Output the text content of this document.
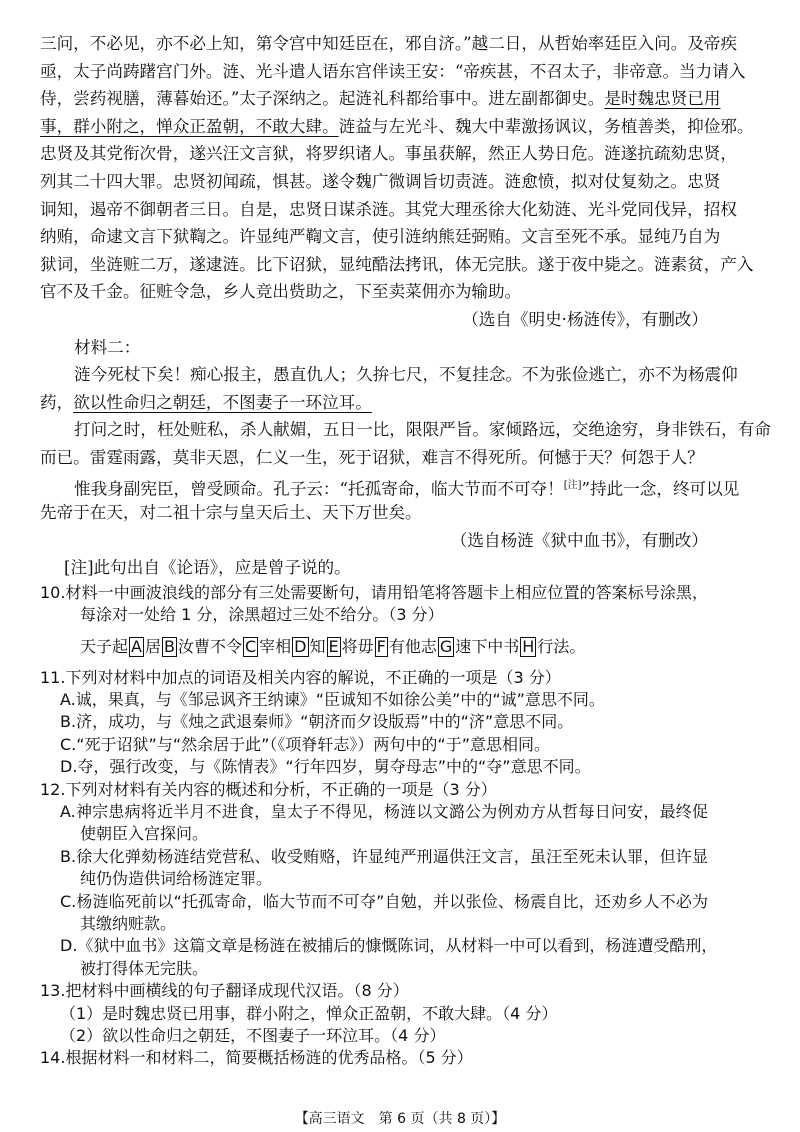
三问，不必见，亦不必上知，第令宫中知廷臣在，邪自济。”越二日，从哲始率廷臣入问。及帝疾
亟，太子尚踌躇宫门外。涟、光斗遣人语东宫伴读王安：“帝疾甚，不召太子，非帝意。当力请入
侍，尝药视膳，薄暮始还。”太子深纳之。起涟礼科都给事中。进左副都御史。是时魏忠贤已用
事，群小附之，惮众正盈朝，不敢大肆。涟益与左光斗、魏大中辈激扬讽议，务植善类，抑俭邪。
忠贤及其党衔次骨，遂兴汪文言狱，将罗织诸人。事虽获解，然正人势日危。涟遂抗疏劾忠贤，
列其二十四大罪。忠贤初闻疏，惧甚。遂令魏广微调旨切责涟。涟愈愤，拟对仗复劾之。忠贤
诇知，遏帝不御朝者三日。自是，忠贤日谋杀涟。其党大理丞徐大化劾涟、光斗党同伐异，招权
纳贿，命逮文言下狱鞫之。许显纯严鞫文言，使引涟纳熊廷弼贿。文言至死不承。显纯乃自为
狱词，坐涟赃二万，遂逮涟。比下诏狱，显纯酷法拷讯，体无完肤。遂于夜中毙之。涟素贫，产入
官不及千金。征赃令急，乡人竞出赀助之，下至卖菜佣亦为输助。
（选自《明史·杨涟传》，有删改）
材料二：
涟今死杖下矣！痴心报主，愚直仇人；久拚七尺，不复挂念。不为张俭逃亡，亦不为杨震仰
药，欲以性命归之朝廷，不图妻子一环泣耳。
打问之时，枉处赃私，杀人献媚，五日一比，限限严旨。家倾路远，交绝途穷，身非铁石，有命
而已。雷霆雨露，莫非天恩，仁义一生，死于诏狱，难言不得死所。何憾于天？何怨于人？
惟我身副宪臣，曾受顾命。孔子云：“托孤寄命，临大节而不可夺！[注]”持此一念，终可以见
先帝于在天，对二祖十宗与皇天后土、天下万世矣。
（选自杨涟《狱中血书》，有删改）
[注]此句出自《论语》，应是曾子说的。
10.材料一中画波浪线的部分有三处需要断句，请用铅笔将答题卡上相应位置的答案标号涂黑，
每涂对一处给 1 分，涂黑超过三处不给分。（3 分）
天子起 A 居 B 汝曹不令 C 宰相 D 知 E 将毋 F 有他志 G 速下中书 H 行法。
11.下列对材料中加点的词语及相关内容的解说，不正确的一项是（3 分）
A.诚，果真，与《邹忌讽齐王纳谏》“臣诚知不如徐公美”中的“诚”意思不同。
B.济，成功，与《烛之武退秦师》“朝济而夕设版焉”中的“济”意思不同。
C.“死于诏狱”与“然余居于此”（《项脊轩志》）两句中的“于”意思相同。
D.夺，强行改变，与《陈情表》“行年四岁，舅夺母志”中的“夺”意思不同。
12.下列对材料有关内容的概述和分析，不正确的一项是（3 分）
A.神宗患病将近半月不进食，皇太子不得见，杨涟以文潞公为例劝方从哲每日问安，最终促
使朝臣入宫探问。
B.徐大化弹劾杨涟结党营私、收受贿赂，许显纯严刑逼供汪文言，虽汪至死未认罪，但许显
纯仍伪造供词给杨涟定罪。
C.杨涟临死前以“托孤寄命，临大节而不可夺”自勉，并以张俭、杨震自比，还劝乡人不必为
其缴纳赃款。
D.《狱中血书》这篇文章是杨涟在被捕后的慷慨陈词，从材料一中可以看到，杨涟遭受酷刑，
被打得体无完肤。
13.把材料中画横线的句子翻译成现代汉语。（8 分）
（1）是时魏忠贤已用事，群小附之，惮众正盈朝，不敢大肆。（4 分）
（2）欲以性命归之朝廷，不图妻子一环泣耳。（4 分）
14.根据材料一和材料二，简要概括杨涟的优秀品格。（5 分）
【高三语文　第 6 页（共 8 页）】
